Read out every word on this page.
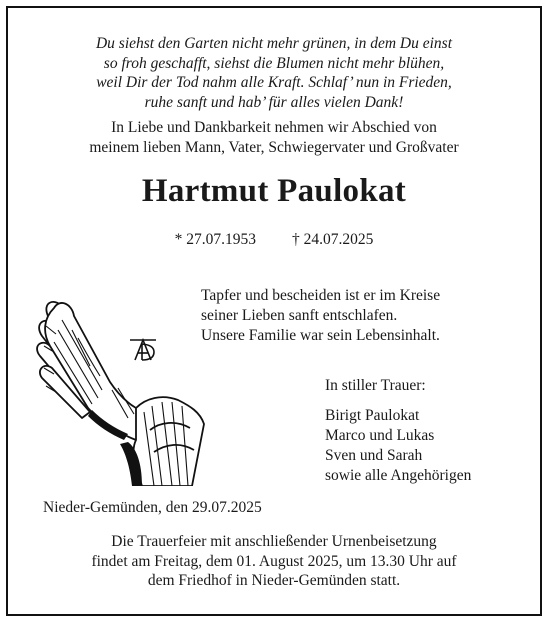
Du siehst den Garten nicht mehr grünen, in dem Du einst
so froh geschafft, siehst die Blumen nicht mehr blühen,
weil Dir der Tod nahm alle Kraft. Schlaf’ nun in Frieden,
ruhe sanft und hab’ für alles vielen Dank!
In Liebe und Dankbarkeit nehmen wir Abschied von
meinem lieben Mann, Vater, Schwiegervater und Großvater
Hartmut Paulokat
* 27.07.1953 † 24.07.2025
Tapfer und bescheiden ist er im Kreise
seiner Lieben sanft entschlafen.
Unsere Familie war sein Lebensinhalt.
In stiller Trauer:
Birigt Paulokat
Marco und Lukas
Sven und Sarah
sowie alle Angehörigen
Nieder-Gemünden, den 29.07.2025
Die Trauerfeier mit anschließender Urnenbeisetzung
findet am Freitag, dem 01. August 2025, um 13.30 Uhr auf
dem Friedhof in Nieder-Gemünden statt.
